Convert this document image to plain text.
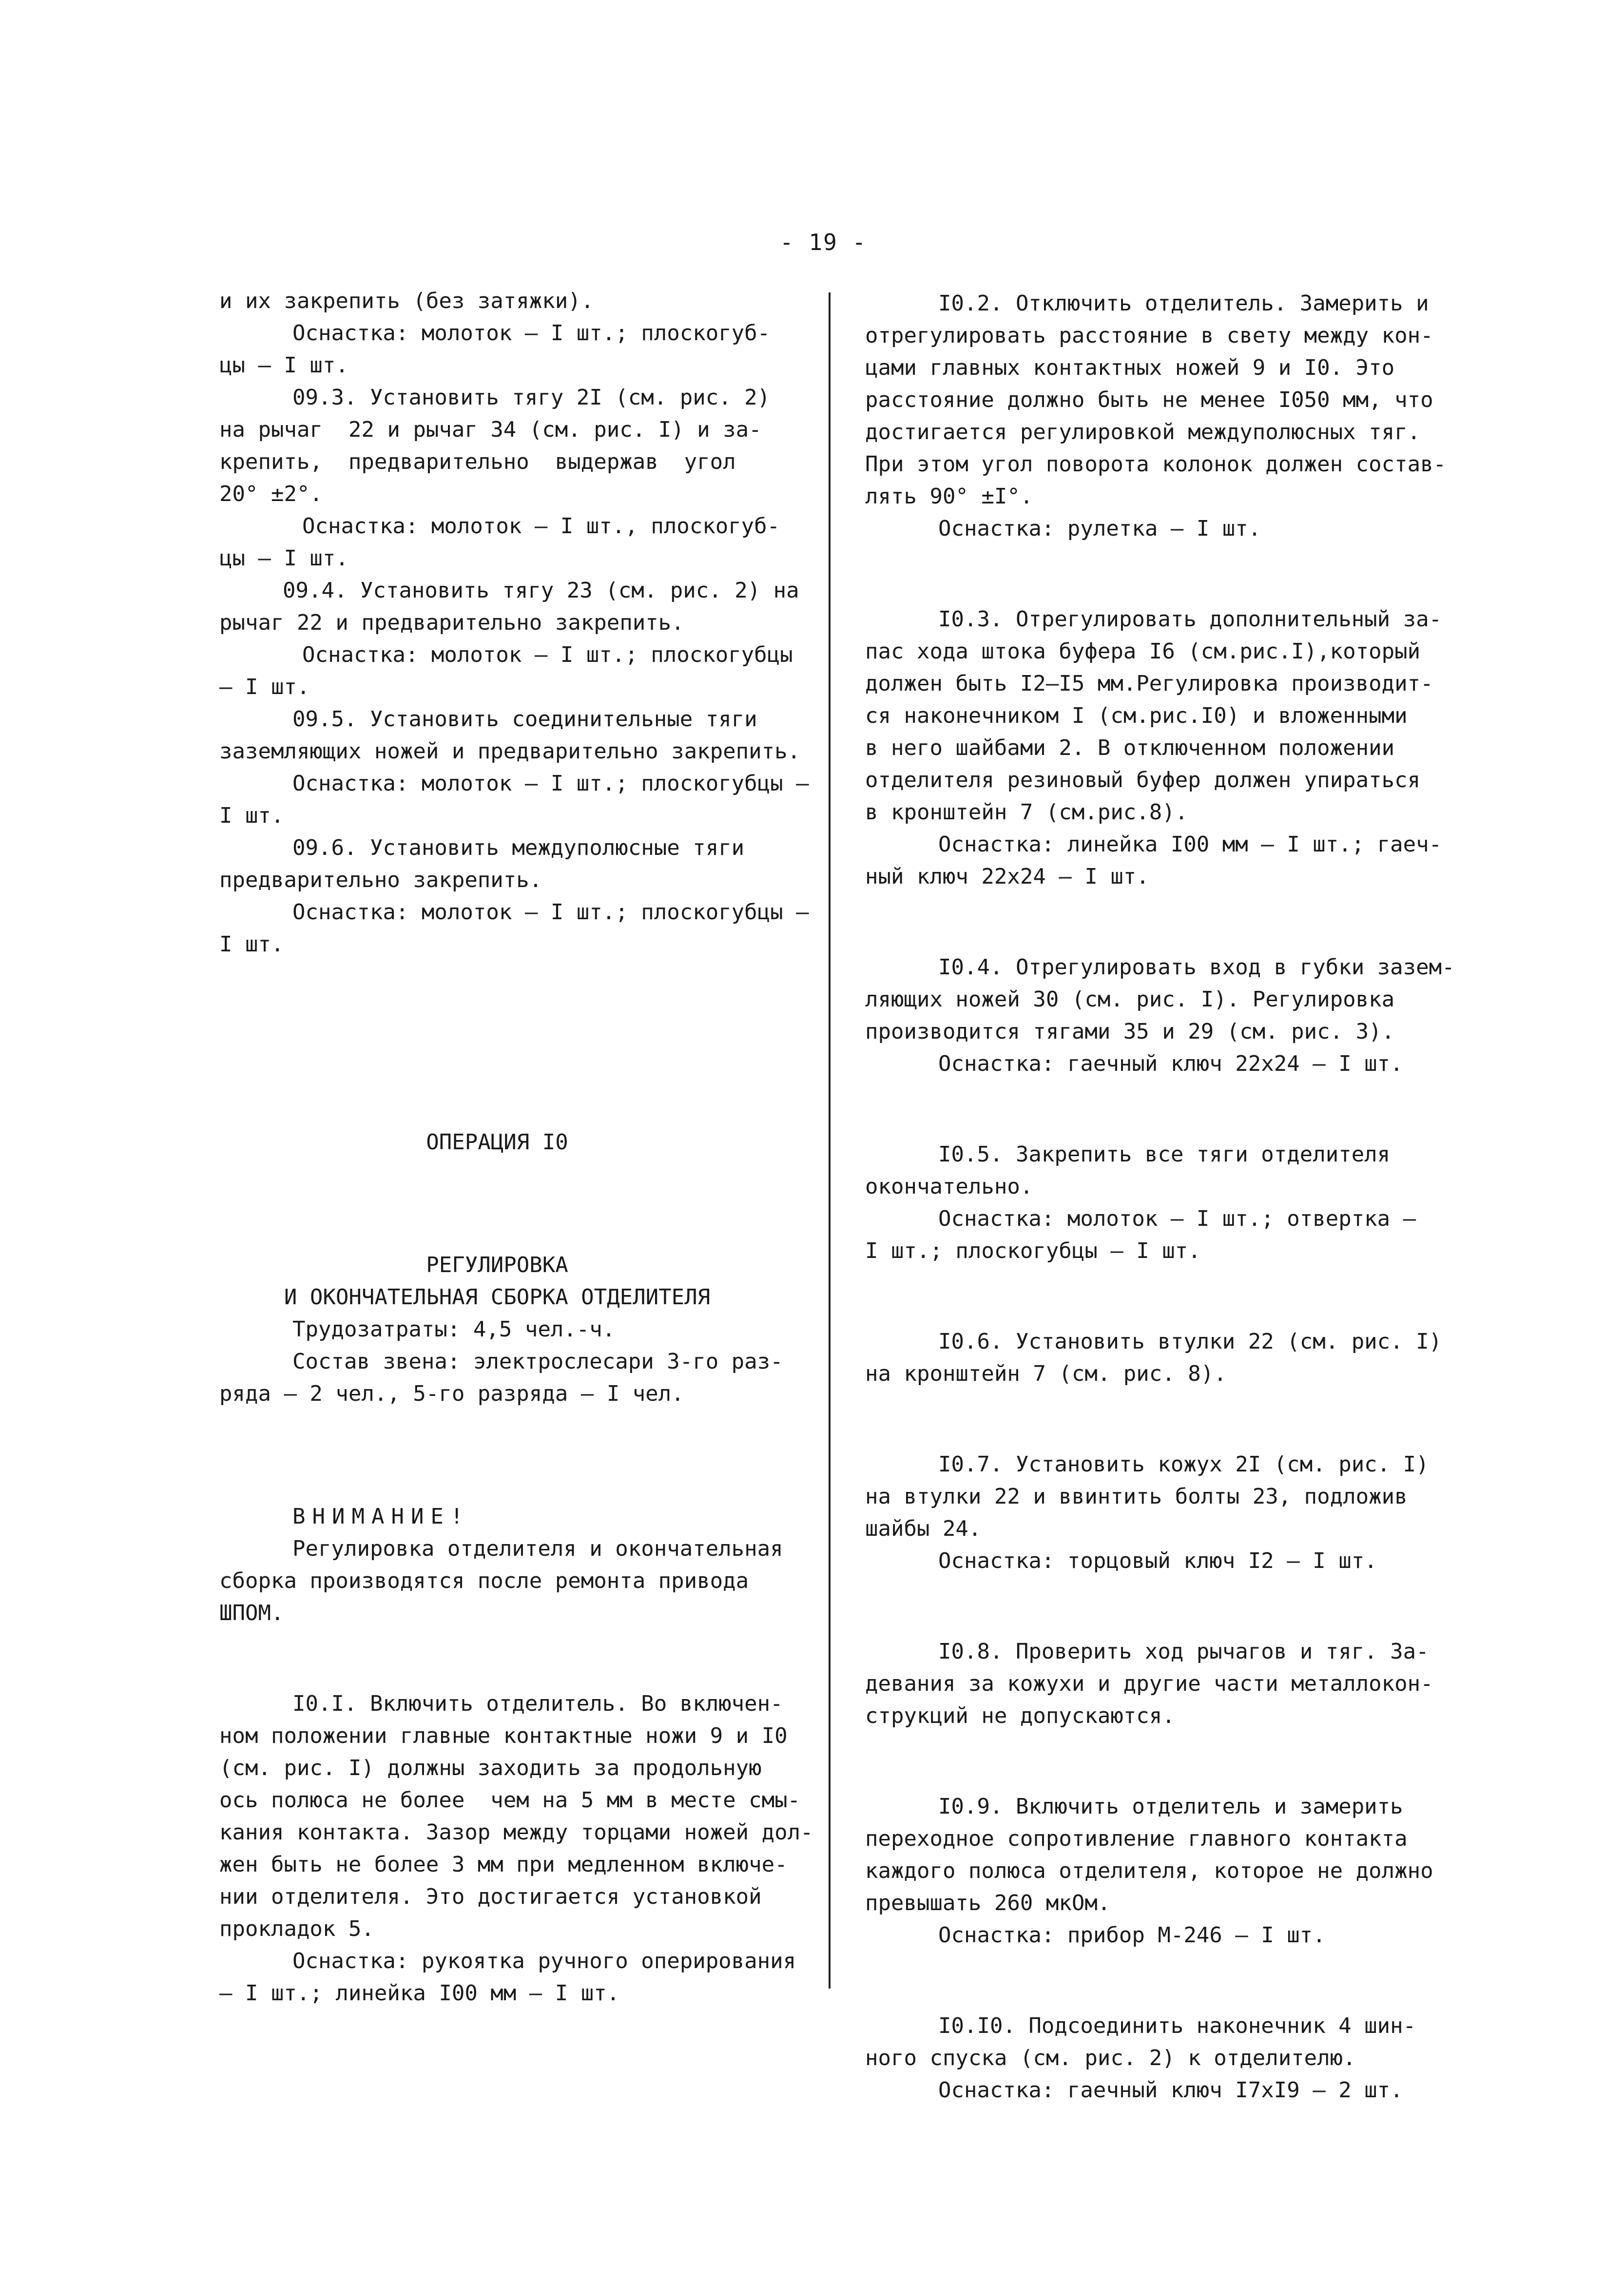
- 19 -

и их закрепить (без затяжки).

Оснастка: молоток – I шт.; плоскогуб-

цы – I шт.

09.3. Установить тягу 2I (см. рис. 2)

на рычаг  22 и рычаг 34 (см. рис. I) и за-

крепить,  предварительно  выдержав  угол

20° ±2°.

Оснастка: молоток – I шт., плоскогуб-

цы – I шт.

09.4. Установить тягу 23 (см. рис. 2) на

рычаг 22 и предварительно закрепить.

Оснастка: молоток – I шт.; плоскогубцы

– I шт.

09.5. Установить соединительные тяги

заземляющих ножей и предварительно закрепить.

Оснастка: молоток – I шт.; плоскогубцы –

I шт.

09.6. Установить междуполюсные тяги

предварительно закрепить.

Оснастка: молоток – I шт.; плоскогубцы –

I шт.

ОПЕРАЦИЯ I0
РЕГУЛИРОВКА
И ОКОНЧАТЕЛЬНАЯ СБОРКА ОТДЕЛИТЕЛЯ

Трудозатраты: 4,5 чел.-ч.

Состав звена: электрослесари 3-го раз-

ряда – 2 чел., 5-го разряда – I чел.

ВНИМАНИЕ!

Регулировка отделителя и окончательная

сборка производятся после ремонта привода

ШПОМ.

I0.I. Включить отделитель. Во включен-

ном положении главные контактные ножи 9 и I0

(см. рис. I) должны заходить за продольную

ось полюса не более  чем на 5 мм в месте смы-

кания контакта. Зазор между торцами ножей дол-

жен быть не более 3 мм при медленном включе-

нии отделителя. Это достигается установкой

прокладок 5.

Оснастка: рукоятка ручного оперирования

– I шт.; линейка I00 мм – I шт.

I0.2. Отключить отделитель. Замерить и

отрегулировать расстояние в свету между кон-

цами главных контактных ножей 9 и I0. Это

расстояние должно быть не менее I050 мм, что

достигается регулировкой междуполюсных тяг.

При этом угол поворота колонок должен состав-

лять 90° ±I°.

Оснастка: рулетка – I шт.

I0.3. Отрегулировать дополнительный за-

пас хода штока буфера I6 (см.рис.I),который

должен быть I2–I5 мм.Регулировка производит-

ся наконечником I (см.рис.I0) и вложенными

в него шайбами 2. В отключенном положении

отделителя резиновый буфер должен упираться

в кронштейн 7 (см.рис.8).

Оснастка: линейка I00 мм – I шт.; гаеч-

ный ключ 22х24 – I шт.

I0.4. Отрегулировать вход в губки зазем-

ляющих ножей 30 (см. рис. I). Регулировка

производится тягами 35 и 29 (см. рис. 3).

Оснастка: гаечный ключ 22х24 – I шт.

I0.5. Закрепить все тяги отделителя

окончательно.

Оснастка: молоток – I шт.; отвертка –

I шт.; плоскогубцы – I шт.

I0.6. Установить втулки 22 (см. рис. I)

на кронштейн 7 (см. рис. 8).

I0.7. Установить кожух 2I (см. рис. I)

на втулки 22 и ввинтить болты 23, подложив

шайбы 24.

Оснастка: торцовый ключ I2 – I шт.

I0.8. Проверить ход рычагов и тяг. За-

девания за кожухи и другие части металлокон-

струкций не допускаются.

I0.9. Включить отделитель и замерить

переходное сопротивление главного контакта

каждого полюса отделителя, которое не должно

превышать 260 мкОм.

Оснастка: прибор М-246 – I шт.

I0.I0. Подсоединить наконечник 4 шин-

ного спуска (см. рис. 2) к отделителю.

Оснастка: гаечный ключ I7хI9 – 2 шт.
